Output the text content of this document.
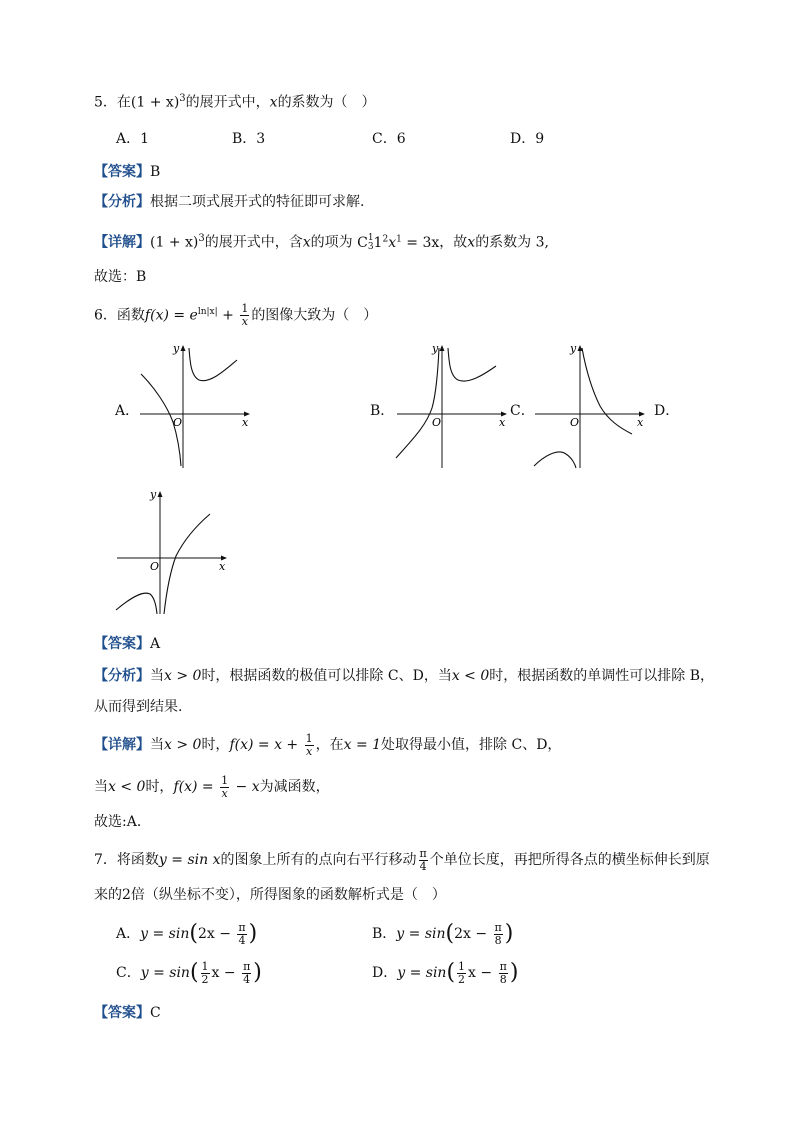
5．在$(1 + x)^3$的展开式中，x的系数为（　）
A．1	B．3	C．6	D．9
【答案】B
【分析】根据二项式展开式的特征即可求解.
【详解】$(1 + x)^3$的展开式中，含x的项为 C 1
3 $1^2x^1 = 3x$，故x的系数为 3,
故选：B
6．函数$f(x) = e^{ln|x|} + \frac{1}{x}$ 的图像大致为（　）
A．	B．	C．	D．
y
x
O
y
x
O
y
x
O
y
x
O
【答案】A
【分析】当x > 0时，根据函数的极值可以排除 C、D，当x < 0时，根据函数的单调性可以排除 B，
从而得到结果.
【详解】当x > 0时，$f(x) = x + \frac{1}{x}$ ，在x = 1处取得最小值，排除 C、D，
当x < 0时，$f(x) = \frac{1}{x} - x$为减函数，
故选:A．
7．将函数y = sin x的图象上所有的点向右平行移动 $\frac{\pi}{4}$ 个单位长度，再把所得各点的横坐标伸长到原
来的2倍（纵坐标不变），所得图象的函数解析式是（　）
A．$y = \sin(2x - \frac{\pi}{4}$ )	B．$y = \sin(2x - \frac{\pi}{8}$ )
C．$y = \sin( \frac{1}{2}$ $x - \frac{\pi}{4}$ )	D．$y = \sin( \frac{1}{2}$ $x - \frac{\pi}{8}$ )
【答案】C
